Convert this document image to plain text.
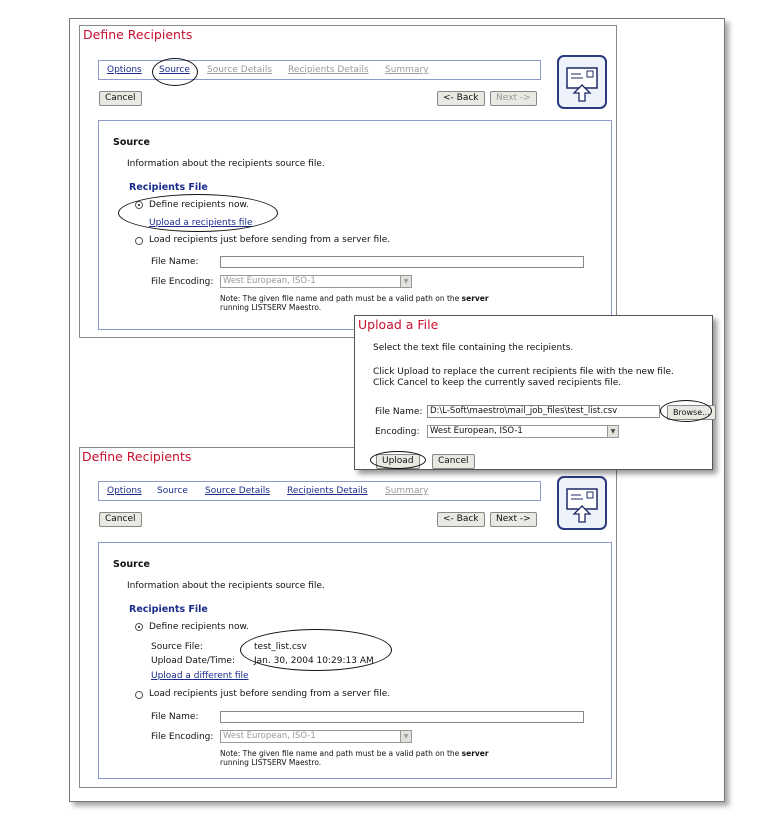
Define Recipients
Options Source Source Details Recipients Details Summary
Cancel	<- Back	Next ->
Source
Information about the recipients source file.
Recipients File
Define recipients now.
Upload a recipients file
Load recipients just before sending from a server file.
File Name:
File Encoding:	West European, ISO-1	▼
Note: The given file name and path must be a valid path on the server
running LISTSERV Maestro.
Define Recipients
Options Source Source Details Recipients Details Summary
Cancel	<- Back	Next ->
Source
Information about the recipients source file.
Recipients File
Define recipients now.
Source File:	test_list.csv
Upload Date/Time: Jan. 30, 2004 10:29:13 AM
Upload a different file
Load recipients just before sending from a server file.
File Name:
File Encoding:	West European, ISO-1	▼
Note: The given file name and path must be a valid path on the server
running LISTSERV Maestro.
Upload a File
Select the text file containing the recipients.
Click Upload to replace the current recipients file with the new file.
Click Cancel to keep the currently saved recipients file.
File Name: D:\L-Soft\maestro\mail_job_files\test_list.csv	Browse...
Encoding:	West European, ISO-1	▼
Upload	Cancel
